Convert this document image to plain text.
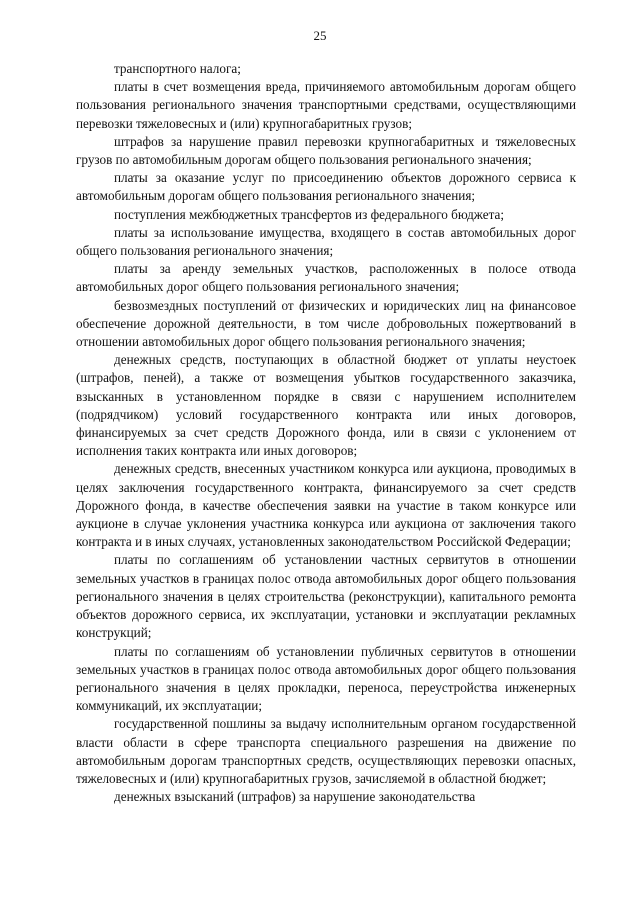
25

транспортного налога;

платы в счет возмещения вреда, причиняемого автомобильным дорогам общего пользования регионального значения транспортными средствами, осуществляющими перевозки тяжеловесных и (или) крупногабаритных грузов;

штрафов за нарушение правил перевозки крупногабаритных и тяжеловесных грузов по автомобильным дорогам общего пользования регионального значения;

платы за оказание услуг по присоединению объектов дорожного сервиса к автомобильным дорогам общего пользования регионального значения;

поступления межбюджетных трансфертов из федерального бюджета;

платы за использование имущества, входящего в состав автомобильных дорог общего пользования регионального значения;

платы за аренду земельных участков, расположенных в полосе отвода автомобильных дорог общего пользования регионального значения;

безвозмездных поступлений от физических и юридических лиц на финансовое обеспечение дорожной деятельности, в том числе добровольных пожертвований в отношении автомобильных дорог общего пользования регионального значения;

денежных средств, поступающих в областной бюджет от уплаты неустоек (штрафов, пеней), а также от возмещения убытков государственного заказчика, взысканных в установленном порядке в связи с нарушением исполнителем (подрядчиком) условий государственного контракта или иных договоров, финансируемых за счет средств Дорожного фонда, или в связи с уклонением от исполнения таких контракта или иных договоров;

денежных средств, внесенных участником конкурса или аукциона, проводимых в целях заключения государственного контракта, финансируемого за счет средств Дорожного фонда, в качестве обеспечения заявки на участие в таком конкурсе или аукционе в случае уклонения участника конкурса или аукциона от заключения такого контракта и в иных случаях, установленных законодательством Российской Федерации;

платы по соглашениям об установлении частных сервитутов в отношении земельных участков в границах полос отвода автомобильных дорог общего пользования регионального значения в целях строительства (реконструкции), капитального ремонта объектов дорожного сервиса, их эксплуатации, установки и эксплуатации рекламных конструкций;

платы по соглашениям об установлении публичных сервитутов в отношении земельных участков в границах полос отвода автомобильных дорог общего пользования регионального значения в целях прокладки, переноса, переустройства инженерных коммуникаций, их эксплуатации;

государственной пошлины за выдачу исполнительным органом государственной власти области в сфере транспорта специального разрешения на движение по автомобильным дорогам транспортных средств, осуществляющих перевозки опасных, тяжеловесных и (или) крупногабаритных грузов, зачисляемой в областной бюджет;

денежных взысканий (штрафов) за нарушение законодательства
